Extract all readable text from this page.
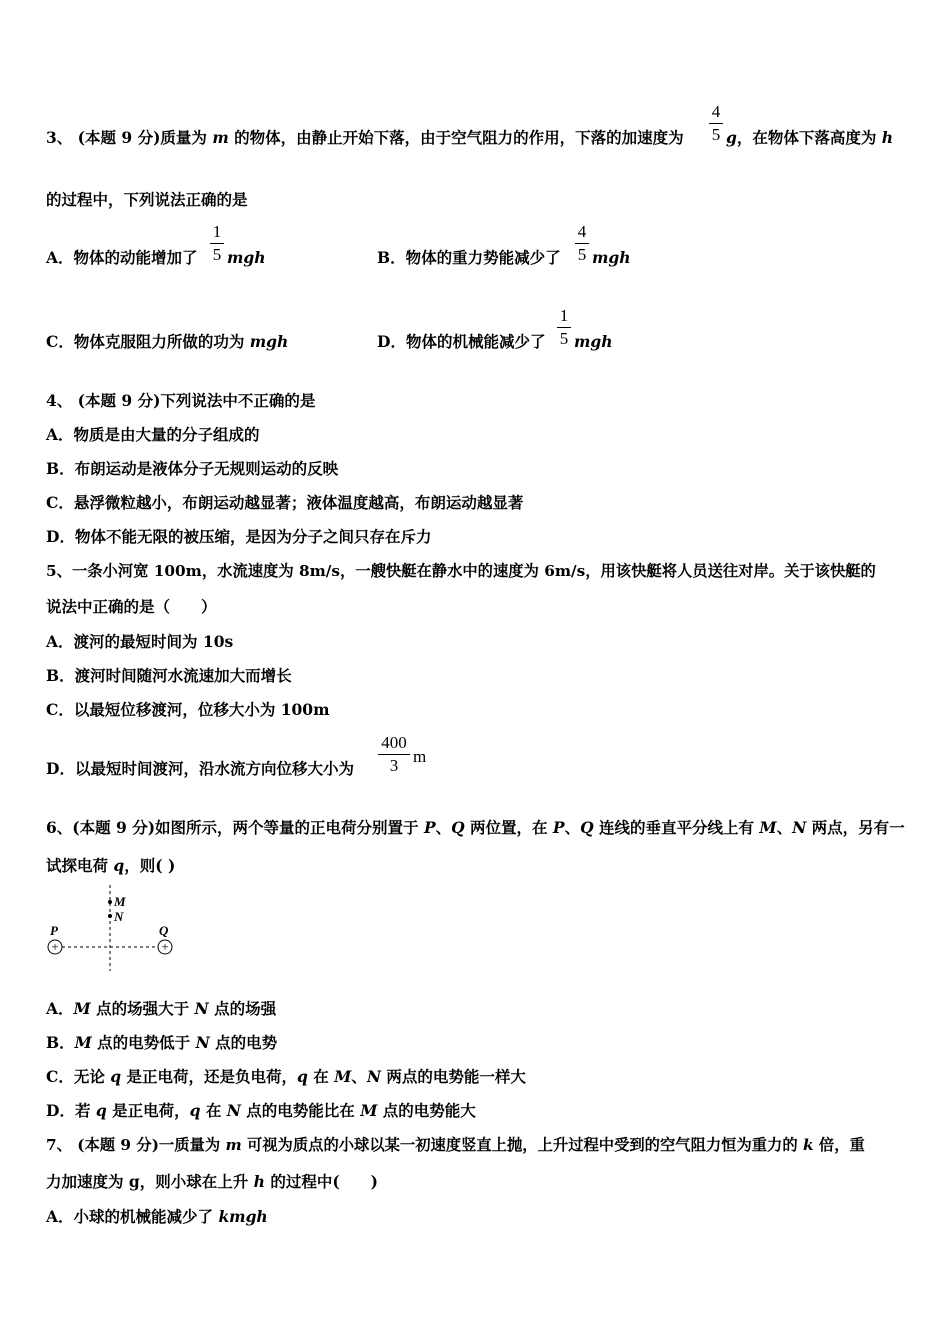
3、 (本题 9 分)质量为 m 的物体，由静止开始下落，由于空气阻力的作用，下落的加速度为
4
5 g，在物体下落高度为 h
的过程中，下列说法正确的是
A．物体的动能增加了
1
5 mgh	B．物体的重力势能减少了
4
5 mgh
C．物体克服阻力所做的功为 mgh	D．物体的机械能减少了
1
5 mgh
4、 (本题 9 分)下列说法中不正确的是
A．物质是由大量的分子组成的
B．布朗运动是液体分子无规则运动的反映
C．悬浮微粒越小，布朗运动越显著；液体温度越高，布朗运动越显著
D．物体不能无限的被压缩，是因为分子之间只存在斥力
5、一条小河宽 100m，水流速度为 8m/s，一艘快艇在静水中的速度为 6m/s，用该快艇将人员送往对岸。关于该快艇的
说法中正确的是（　　）
A．渡河的最短时间为 10s
B．渡河时间随河水流速加大而增长
C．以最短位移渡河，位移大小为 100m
D．以最短时间渡河，沿水流方向位移大小为
400
3 m
6、(本题 9 分)如图所示，两个等量的正电荷分别置于 P、Q 两位置，在 P、Q 连线的垂直平分线上有 M、N 两点，另有一
试探电荷 q，则( )
M
N
+	+
P	Q
A．M 点的场强大于 N 点的场强
B．M 点的电势低于 N 点的电势
C．无论 q 是正电荷，还是负电荷，q 在 M、N 两点的电势能一样大
D．若 q 是正电荷，q 在 N 点的电势能比在 M 点的电势能大
7、 (本题 9 分)一质量为 m 可视为质点的小球以某一初速度竖直上抛，上升过程中受到的空气阻力恒为重力的 k 倍，重
力加速度为 g，则小球在上升 h 的过程中(　　)
A．小球的机械能减少了 kmgh
